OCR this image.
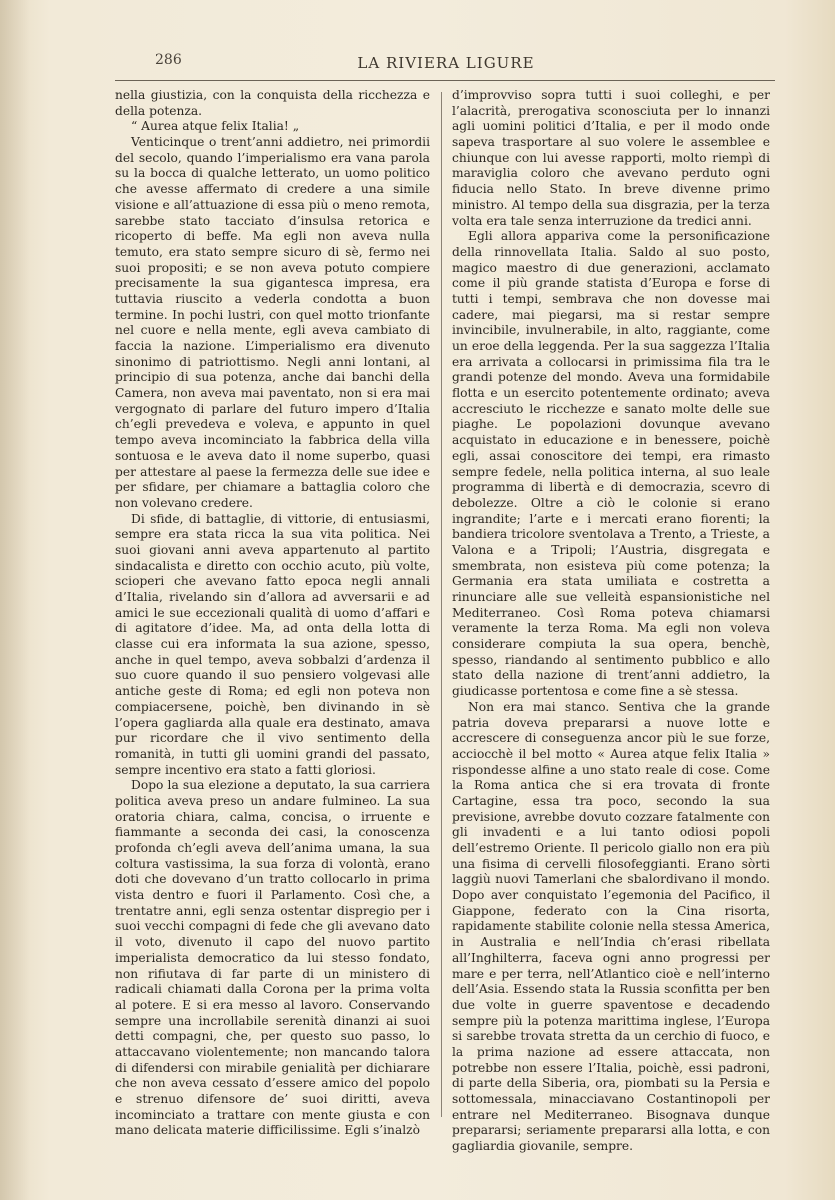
286	LA RIVIERA LIGURE

nella giustizia, con la conquista della ricchezza e della potenza.

“ Aurea atque felix Italia! „

Venticinque o trent’anni addietro, nei primordii del secolo, quando l’imperialismo era vana parola su la bocca di qualche letterato, un uomo politico che avesse affermato di credere a una simile visione e all’attuazione di essa più o meno remota, sarebbe stato tacciato d’insulsa retorica e ricoperto di beffe. Ma egli non aveva nulla temuto, era stato sempre sicuro di sè, fermo nei suoi propositi; e se non aveva potuto compiere precisamente la sua gigantesca impresa, era tuttavia riuscito a vederla condotta a buon termine. In pochi lustri, con quel motto trionfante nel cuore e nella mente, egli aveva cambiato di faccia la nazione. L’imperialismo era divenuto sinonimo di patriottismo. Negli anni lontani, al principio di sua potenza, anche dai banchi della Camera, non aveva mai paventato, non si era mai vergognato di parlare del futuro impero d’Italia ch’egli prevedeva e voleva, e appunto in quel tempo aveva incominciato la fabbrica della villa sontuosa e le aveva dato il nome superbo, quasi per attestare al paese la fermezza delle sue idee e per sfidare, per chiamare a battaglia coloro che non volevano credere.

Di sfide, di battaglie, di vittorie, di entusiasmi, sempre era stata ricca la sua vita politica. Nei suoi giovani anni aveva appartenuto al partito sindacalista e diretto con occhio acuto, più volte, scioperi che avevano fatto epoca negli annali d’Italia, rivelando sin d’allora ad avversarii e ad amici le sue eccezionali qualità di uomo d’affari e di agitatore d’idee. Ma, ad onta della lotta di classe cui era informata la sua azione, spesso, anche in quel tempo, aveva sobbalzi d’ardenza il suo cuore quando il suo pensiero volgevasi alle antiche geste di Roma; ed egli non poteva non compiacersene, poichè, ben divinando in sè l’opera gagliarda alla quale era destinato, amava pur ricordare che il vivo sentimento della romanità, in tutti gli uomini grandi del passato, sempre incentivo era stato a fatti gloriosi.

Dopo la sua elezione a deputato, la sua carriera politica aveva preso un andare fulmineo. La sua oratoria chiara, calma, concisa, o irruente e fiammante a seconda dei casi, la conoscenza profonda ch’egli aveva dell’anima umana, la sua coltura vastissima, la sua forza di volontà, erano doti che dovevano d’un tratto collocarlo in prima vista dentro e fuori il Parlamento. Così che, a trentatre anni, egli senza ostentar dispregio per i suoi vecchi compagni di fede che gli avevano dato il voto, divenuto il capo del nuovo partito imperialista democratico da lui stesso fondato, non rifiutava di far parte di un ministero di radicali chiamati dalla Corona per la prima volta al potere. E si era messo al lavoro. Conservando sempre una incrollabile serenità dinanzi ai suoi detti compagni, che, per questo suo passo, lo attaccavano violentemente; non mancando talora di difendersi con mirabile genialità per dichiarare che non aveva cessato d’essere amico del popolo e strenuo difensore de’ suoi diritti, aveva incominciato a trattare con mente giusta e con mano delicata materie difficilissime. Egli s’inalzò

d’improvviso sopra tutti i suoi colleghi, e per l’alacrità, prerogativa sconosciuta per lo innanzi agli uomini politici d’Italia, e per il modo onde sapeva trasportare al suo volere le assemblee e chiunque con lui avesse rapporti, molto riempì di maraviglia coloro che avevano perduto ogni fiducia nello Stato. In breve divenne primo ministro. Al tempo della sua disgrazia, per la terza volta era tale senza interruzione da tredici anni.

Egli allora appariva come la personificazione della rinnovellata Italia. Saldo al suo posto, magico maestro di due generazioni, acclamato come il più grande statista d’Europa e forse di tutti i tempi, sembrava che non dovesse mai cadere, mai piegarsi, ma si restar sempre invincibile, invulnerabile, in alto, raggiante, come un eroe della leggenda. Per la sua saggezza l’Italia era arrivata a collocarsi in primissima fila tra le grandi potenze del mondo. Aveva una formidabile flotta e un esercito potentemente ordinato; aveva accresciuto le ricchezze e sanato molte delle sue piaghe. Le popolazioni dovunque avevano acquistato in educazione e in benessere, poichè egli, assai conoscitore dei tempi, era rimasto sempre fedele, nella politica interna, al suo leale programma di libertà e di democrazia, scevro di debolezze. Oltre a ciò le colonie si erano ingrandite; l’arte e i mercati erano fiorenti; la bandiera tricolore sventolava a Trento, a Trieste, a Valona e a Tripoli; l’Austria, disgregata e smembrata, non esisteva più come potenza; la Germania era stata umiliata e costretta a rinunciare alle sue velleità espansionistiche nel Mediterraneo. Così Roma poteva chiamarsi veramente la terza Roma. Ma egli non voleva considerare compiuta la sua opera, benchè, spesso, riandando al sentimento pubblico e allo stato della nazione di trent’anni addietro, la giudicasse portentosa e come fine a sè stessa.

Non era mai stanco. Sentiva che la grande patria doveva prepararsi a nuove lotte e accrescere di conseguenza ancor più le sue forze, acciocchè il bel motto « Aurea atque felix Italia » rispondesse alfine a uno stato reale di cose. Come la Roma antica che si era trovata di fronte Cartagine, essa tra poco, secondo la sua previsione, avrebbe dovuto cozzare fatalmente con gli invadenti e a lui tanto odiosi popoli dell’estremo Oriente. Il pericolo giallo non era più una fisima di cervelli filosofeggianti. Erano sòrti laggiù nuovi Tamerlani che sbalordivano il mondo. Dopo aver conquistato l’egemonia del Pacifico, il Giappone, federato con la Cina risorta, rapidamente stabilite colonie nella stessa America, in Australia e nell’India ch’erasi ribellata all’Inghilterra, faceva ogni anno progressi per mare e per terra, nell’Atlantico cioè e nell’interno dell’Asia. Essendo stata la Russia sconfitta per ben due volte in guerre spaventose e decadendo sempre più la potenza marittima inglese, l’Europa si sarebbe trovata stretta da un cerchio di fuoco, e la prima nazione ad essere attaccata, non potrebbe non essere l’Italia, poichè, essi padroni, di parte della Siberia, ora, piombati su la Persia e sottomessala, minacciavano Costantinopoli per entrare nel Mediterraneo. Bisognava dunque prepararsi; seriamente prepararsi alla lotta, e con gagliardia giovanile, sempre.
